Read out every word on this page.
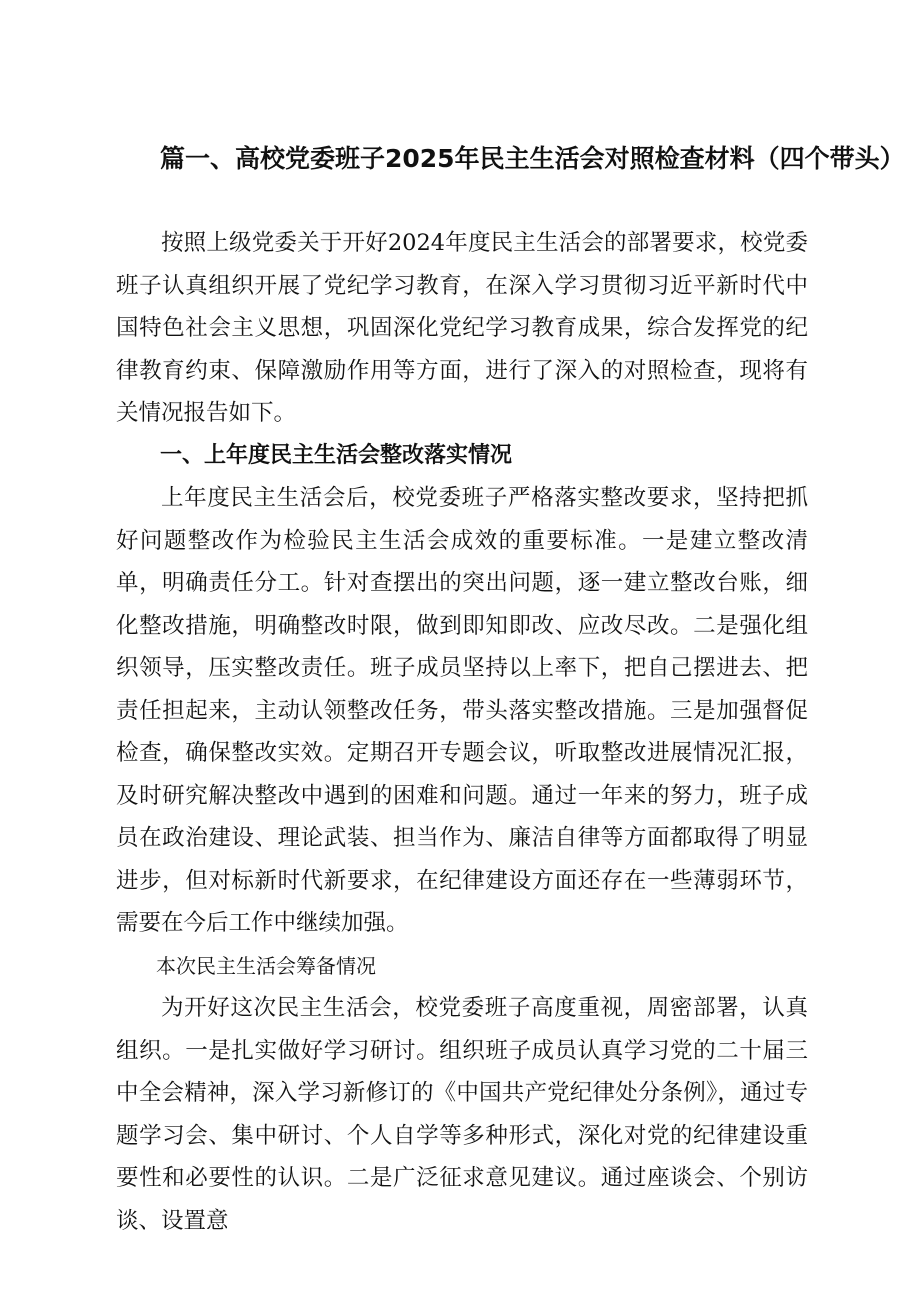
篇一、高校党委班子2025年民主生活会对照检查材料（四个带头）

按照上级党委关于开好2024年度民主生活会的部署要求，校党委班子认真组织开展了党纪学习教育，在深入学习贯彻习近平新时代中国特色社会主义思想，巩固深化党纪学习教育成果，综合发挥党的纪律教育约束、保障激励作用等方面，进行了深入的对照检查，现将有关情况报告如下。

一、上年度民主生活会整改落实情况

上年度民主生活会后，校党委班子严格落实整改要求，坚持把抓好问题整改作为检验民主生活会成效的重要标准。一是建立整改清单，明确责任分工。针对查摆出的突出问题，逐一建立整改台账，细化整改措施，明确整改时限，做到即知即改、应改尽改。二是强化组织领导，压实整改责任。班子成员坚持以上率下，把自己摆进去、把责任担起来，主动认领整改任务，带头落实整改措施。三是加强督促检查，确保整改实效。定期召开专题会议，听取整改进展情况汇报，及时研究解决整改中遇到的困难和问题。通过一年来的努力，班子成员在政治建设、理论武装、担当作为、廉洁自律等方面都取得了明显进步，但对标新时代新要求，在纪律建设方面还存在一些薄弱环节，需要在今后工作中继续加强。

本次民主生活会筹备情况

为开好这次民主生活会，校党委班子高度重视，周密部署，认真组织。一是扎实做好学习研讨。组织班子成员认真学习党的二十届三中全会精神，深入学习新修订的《中国共产党纪律处分条例》，通过专题学习会、集中研讨、个人自学等多种形式，深化对党的纪律建设重要性和必要性的认识。二是广泛征求意见建议。通过座谈会、个别访谈、设置意
